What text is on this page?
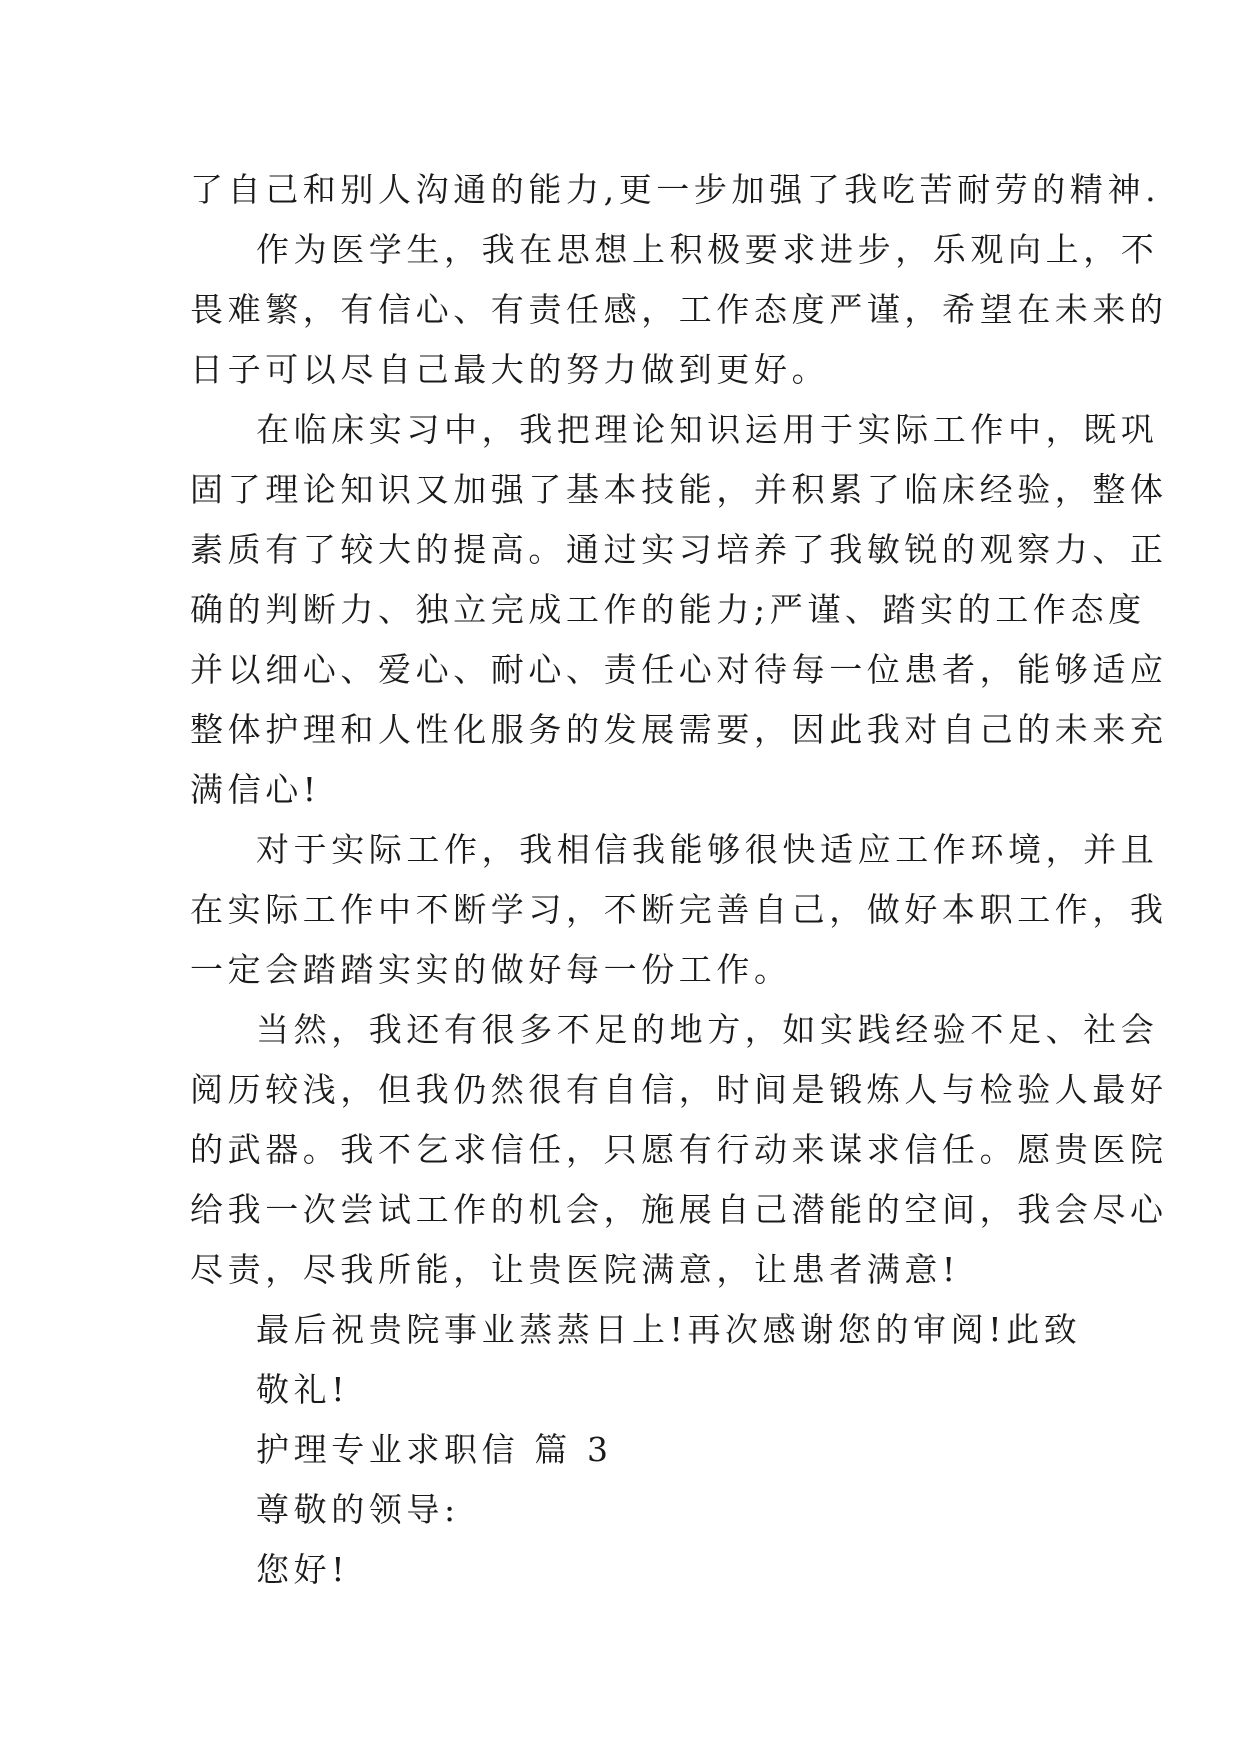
了自己和别人沟通的能力,更一步加强了我吃苦耐劳的精神.
作为医学生，我在思想上积极要求进步，乐观向上，不
畏难繁，有信心、有责任感，工作态度严谨，希望在未来的
日子可以尽自己最大的努力做到更好。
在临床实习中，我把理论知识运用于实际工作中，既巩
固了理论知识又加强了基本技能，并积累了临床经验，整体
素质有了较大的提高。通过实习培养了我敏锐的观察力、正
确的判断力、独立完成工作的能力;严谨、踏实的工作态度
并以细心、爱心、耐心、责任心对待每一位患者，能够适应
整体护理和人性化服务的发展需要，因此我对自己的未来充
满信心!
对于实际工作，我相信我能够很快适应工作环境，并且
在实际工作中不断学习，不断完善自己，做好本职工作，我
一定会踏踏实实的做好每一份工作。
当然，我还有很多不足的地方，如实践经验不足、社会
阅历较浅，但我仍然很有自信，时间是锻炼人与检验人最好
的武器。我不乞求信任，只愿有行动来谋求信任。愿贵医院
给我一次尝试工作的机会，施展自己潜能的空间，我会尽心
尽责，尽我所能，让贵医院满意，让患者满意!
最后祝贵院事业蒸蒸日上!再次感谢您的审阅!此致
敬礼!
护理专业求职信 篇 3
尊敬的领导:
您好!
